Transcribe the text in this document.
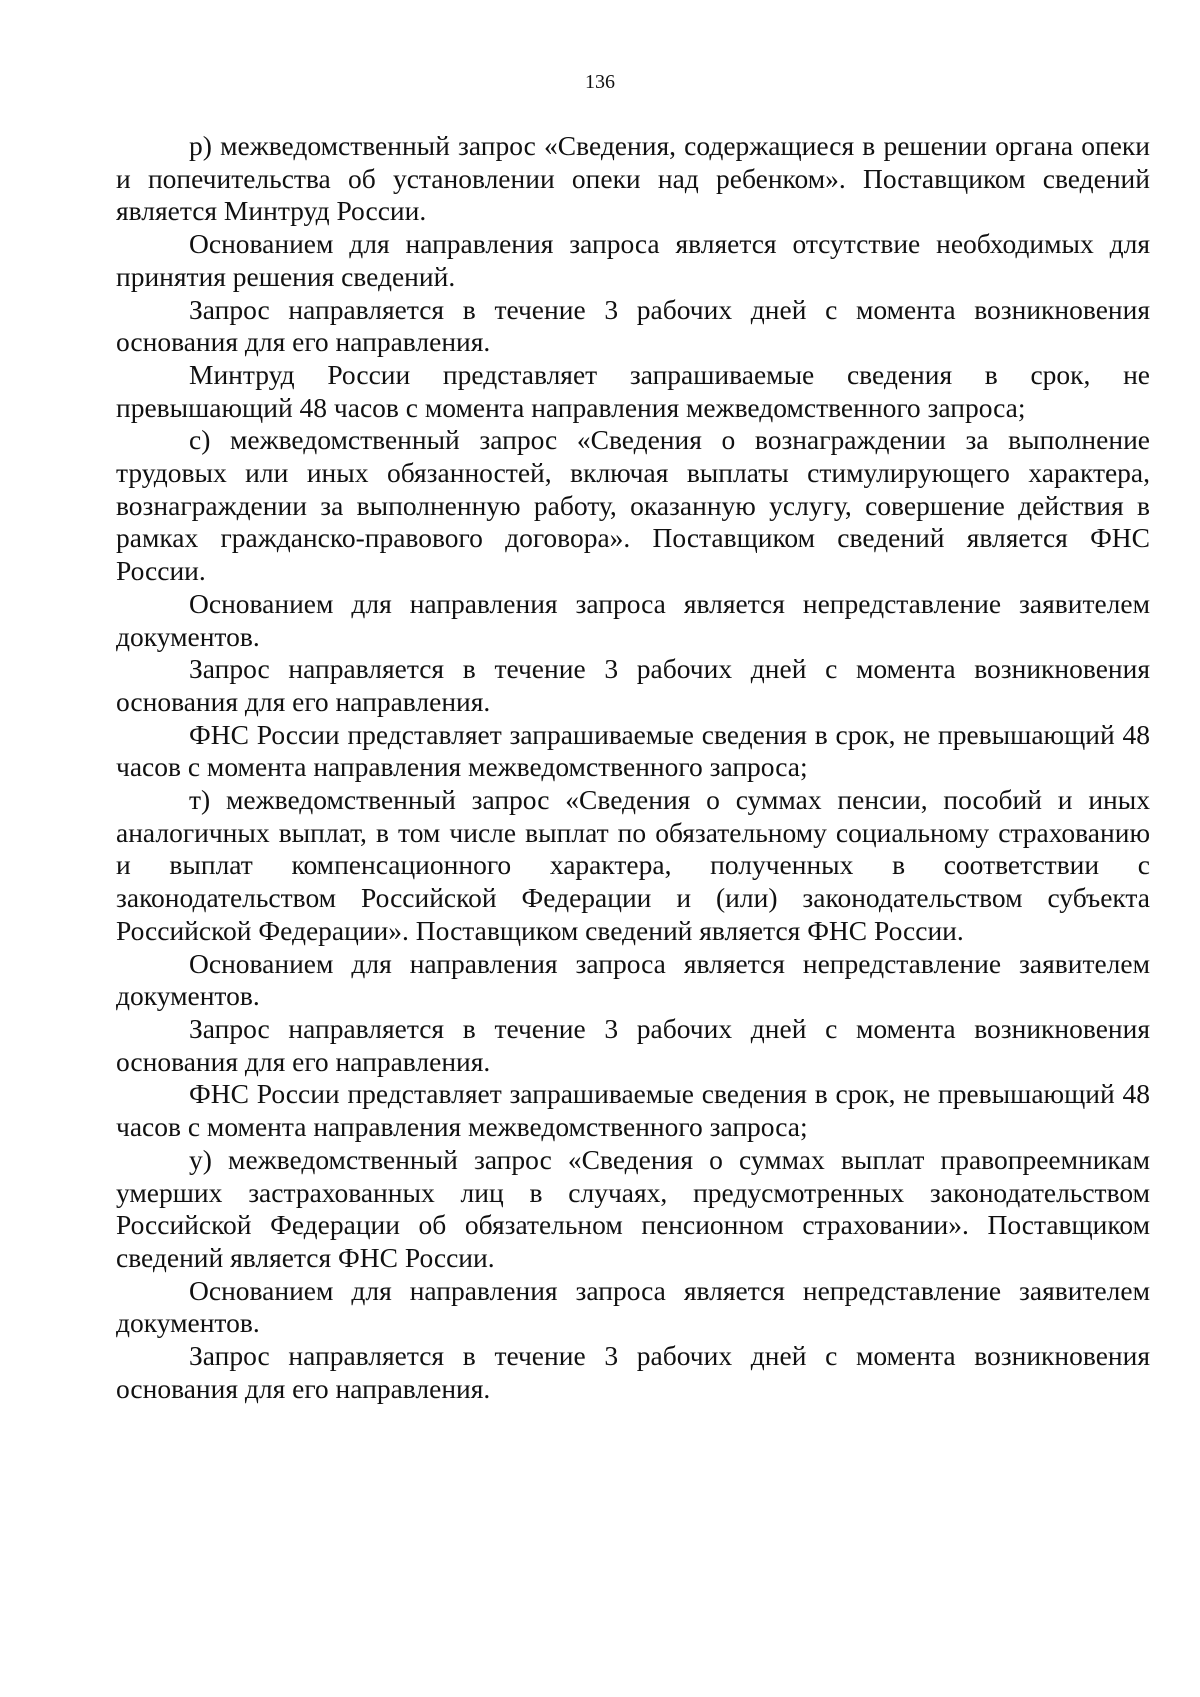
136

р) межведомственный запрос «Сведения, содержащиеся в решении органа опеки и попечительства об установлении опеки над ребенком». Поставщиком сведений является Минтруд России.

Основанием для направления запроса является отсутствие необходимых для принятия решения сведений.

Запрос направляется в течение 3 рабочих дней с момента возникновения основания для его направления.

Минтруд России представляет запрашиваемые сведения в срок, не превышающий 48 часов с момента направления межведомственного запроса;

с) межведомственный запрос «Сведения о вознаграждении за выполнение трудовых или иных обязанностей, включая выплаты стимулирующего характера, вознаграждении за выполненную работу, оказанную услугу, совершение действия в рамках гражданско-правового договора». Поставщиком сведений является ФНС России.

Основанием для направления запроса является непредставление заявителем документов.

Запрос направляется в течение 3 рабочих дней с момента возникновения основания для его направления.

ФНС России представляет запрашиваемые сведения в срок, не превышающий 48 часов с момента направления межведомственного запроса;

т) межведомственный запрос «Сведения о суммах пенсии, пособий и иных аналогичных выплат, в том числе выплат по обязательному социальному страхованию и выплат компенсационного характера, полученных в соответствии с законодательством Российской Федерации и (или) законодательством субъекта Российской Федерации». Поставщиком сведений является ФНС России.

Основанием для направления запроса является непредставление заявителем документов.

Запрос направляется в течение 3 рабочих дней с момента возникновения основания для его направления.

ФНС России представляет запрашиваемые сведения в срок, не превышающий 48 часов с момента направления межведомственного запроса;

у) межведомственный запрос «Сведения о суммах выплат правопреемникам умерших застрахованных лиц в случаях, предусмотренных законодательством Российской Федерации об обязательном пенсионном страховании». Поставщиком сведений является ФНС России.

Основанием для направления запроса является непредставление заявителем документов.

Запрос направляется в течение 3 рабочих дней с момента возникновения основания для его направления.
